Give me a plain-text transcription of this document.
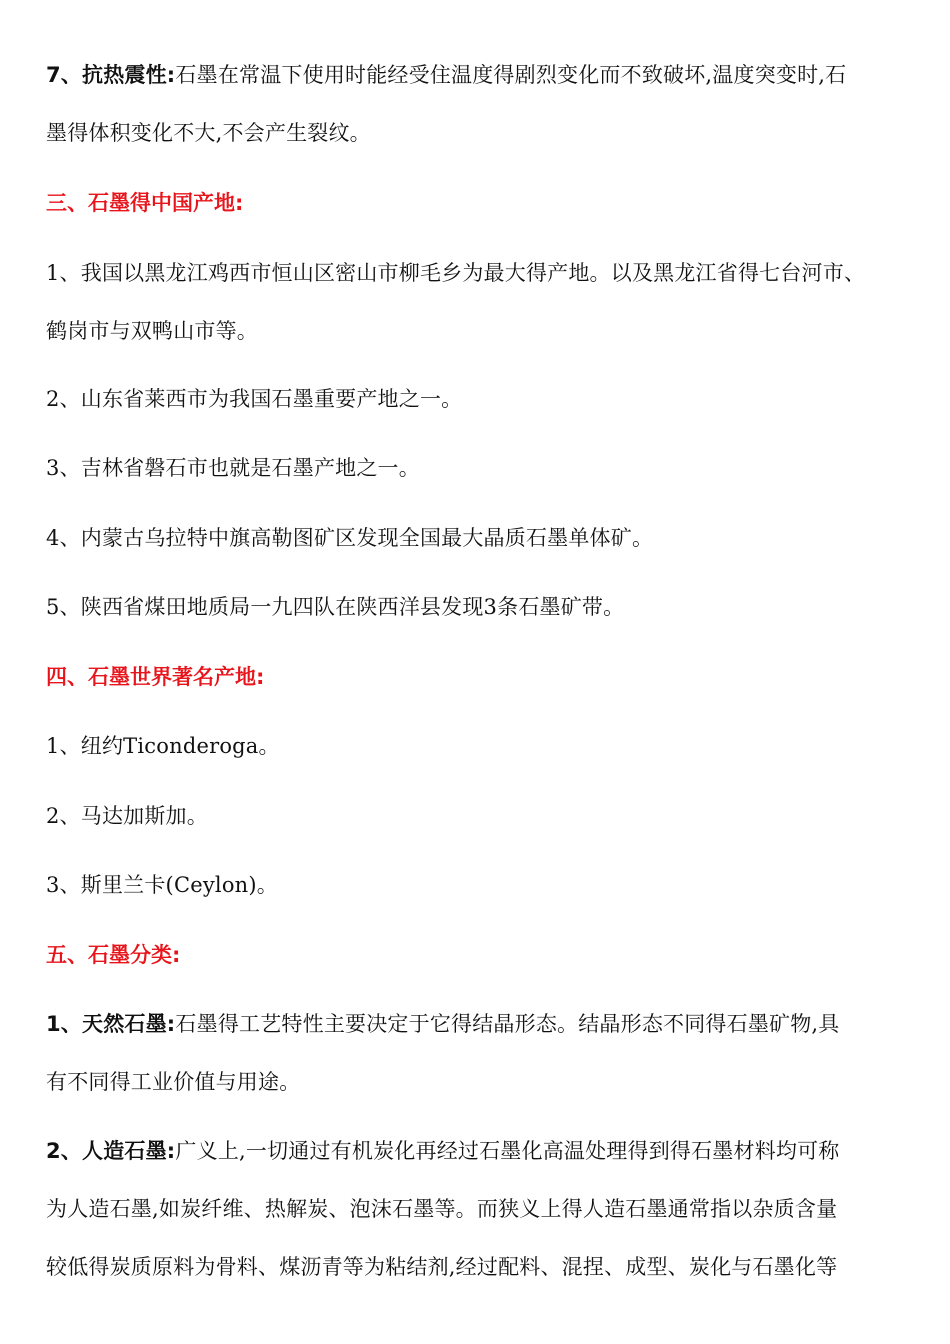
7、抗热震性:石墨在常温下使用时能经受住温度得剧烈变化而不致破坏,温度突变时,石

墨得体积变化不大,不会产生裂纹。

三、石墨得中国产地:

1、我国以黑龙江鸡西市恒山区密山市柳毛乡为最大得产地。以及黑龙江省得七台河市、

鹤岗市与双鸭山市等。

2、山东省莱西市为我国石墨重要产地之一。

3、吉林省磐石市也就是石墨产地之一。

4、内蒙古乌拉特中旗高勒图矿区发现全国最大晶质石墨单体矿。

5、陕西省煤田地质局一九四队在陕西洋县发现3条石墨矿带。

四、石墨世界著名产地:

1、纽约Ticonderoga。

2、马达加斯加。

3、斯里兰卡(Ceylon)。

五、石墨分类:

1、天然石墨:石墨得工艺特性主要决定于它得结晶形态。结晶形态不同得石墨矿物,具

有不同得工业价值与用途。

2、人造石墨:广义上,一切通过有机炭化再经过石墨化高温处理得到得石墨材料均可称

为人造石墨,如炭纤维、热解炭、泡沫石墨等。而狭义上得人造石墨通常指以杂质含量

较低得炭质原料为骨料、煤沥青等为粘结剂,经过配料、混捏、成型、炭化与石墨化等
